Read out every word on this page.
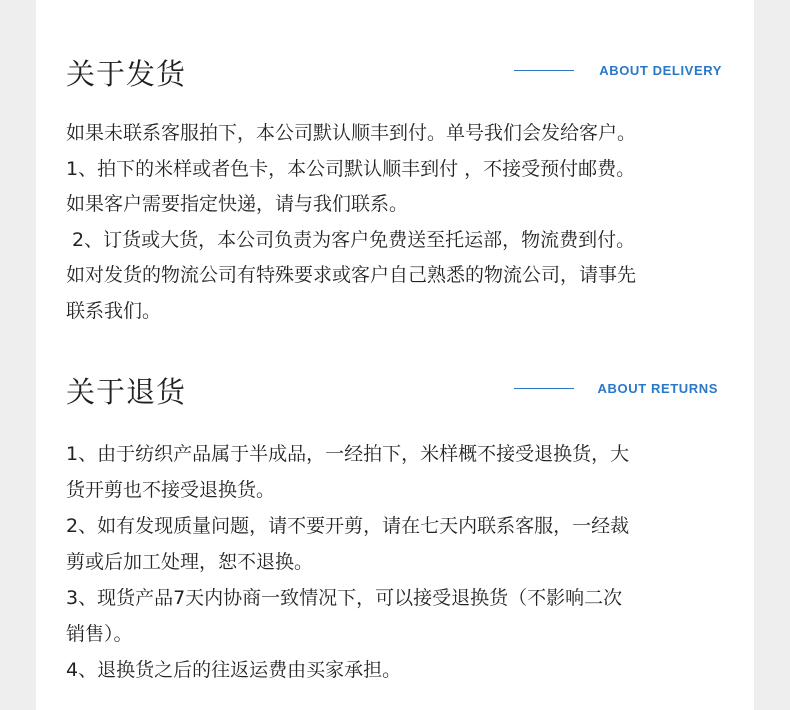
关于发货	ABOUT DELIVERY
如果未联系客服拍下，本公司默认顺丰到付。单号我们会发给客户。
1、拍下的米样或者色卡，本公司默认顺丰到付 ，不接受预付邮费。
如果客户需要指定快递，请与我们联系。
2、订货或大货，本公司负责为客户免费送至托运部，物流费到付。
如对发货的物流公司有特殊要求或客户自己熟悉的物流公司，请事先
联系我们。
关于退货	ABOUT RETURNS
1、由于纺织产品属于半成品，一经拍下，米样概不接受退换货，大
货开剪也不接受退换货。
2、如有发现质量问题，请不要开剪，请在七天内联系客服，一经裁
剪或后加工处理，恕不退换。
3、现货产品7天内协商一致情况下，可以接受退换货（不影响二次
销售）。
4、退换货之后的往返运费由买家承担。
